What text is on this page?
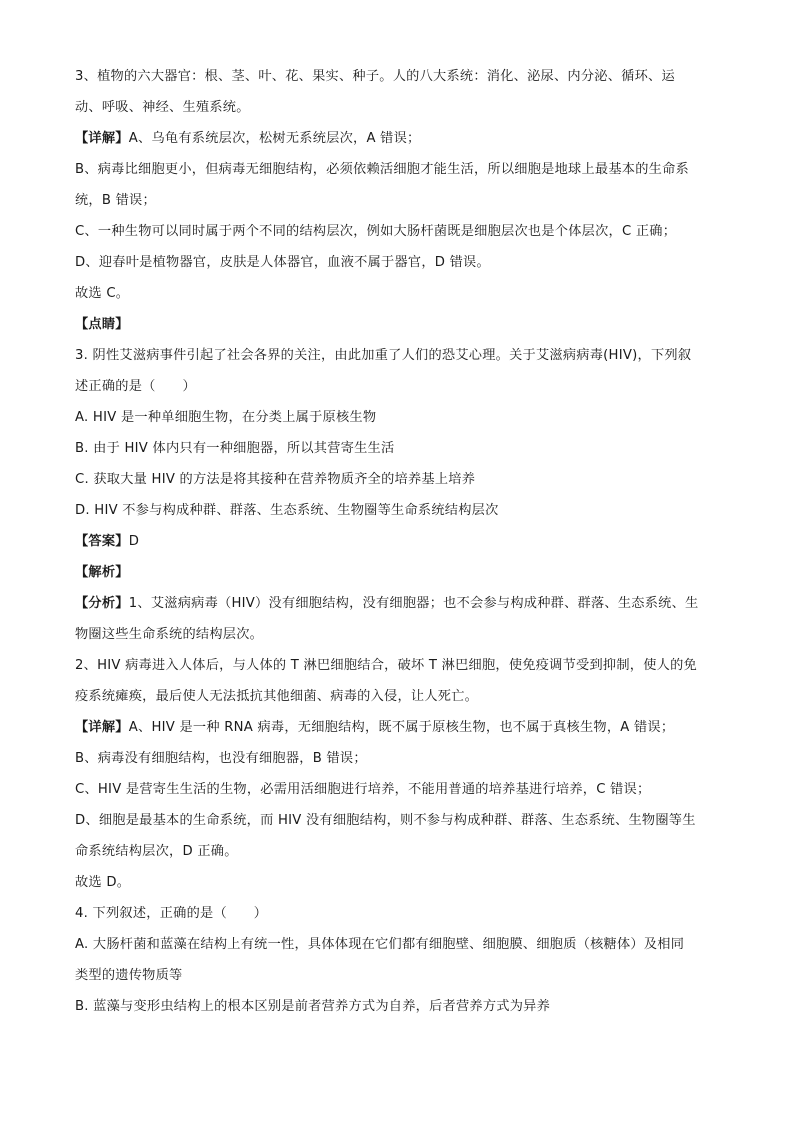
3、植物的六大器官：根、茎、叶、花、果实、种子。人的八大系统：消化、泌尿、内分泌、循环、运
动、呼吸、神经、生殖系统。
【详解】A、乌龟有系统层次，松树无系统层次，A 错误；
B、病毒比细胞更小，但病毒无细胞结构，必须依赖活细胞才能生活，所以细胞是地球上最基本的生命系
统，B 错误；
C、一种生物可以同时属于两个不同的结构层次，例如大肠杆菌既是细胞层次也是个体层次，C 正确；
D、迎春叶是植物器官，皮肤是人体器官，血液不属于器官，D 错误。
故选 C。
【点睛】
3. 阴性艾滋病事件引起了社会各界的关注，由此加重了人们的恐艾心理。关于艾滋病病毒(HIV)，下列叙
述正确的是（　　）
A. HIV 是一种单细胞生物，在分类上属于原核生物
B. 由于 HIV 体内只有一种细胞器，所以其营寄生生活
C. 获取大量 HIV 的方法是将其接种在营养物质齐全的培养基上培养
D. HIV 不参与构成种群、群落、生态系统、生物圈等生命系统结构层次
【答案】D
【解析】
【分析】1、艾滋病病毒（HIV）没有细胞结构，没有细胞器；也不会参与构成种群、群落、生态系统、生
物圈这些生命系统的结构层次。
2、HIV 病毒进入人体后，与人体的 T 淋巴细胞结合，破坏 T 淋巴细胞，使免疫调节受到抑制，使人的免
疫系统瘫痪，最后使人无法抵抗其他细菌、病毒的入侵，让人死亡。
【详解】A、HIV 是一种 RNA 病毒，无细胞结构，既不属于原核生物，也不属于真核生物，A 错误；
B、病毒没有细胞结构，也没有细胞器，B 错误；
C、HIV 是营寄生生活的生物，必需用活细胞进行培养，不能用普通的培养基进行培养，C 错误；
D、细胞是最基本的生命系统，而 HIV 没有细胞结构，则不参与构成种群、群落、生态系统、生物圈等生
命系统结构层次，D 正确。
故选 D。
4. 下列叙述，正确的是（　　）
A. 大肠杆菌和蓝藻在结构上有统一性，具体体现在它们都有细胞壁、细胞膜、细胞质（核糖体）及相同
类型的遗传物质等
B. 蓝藻与变形虫结构上的根本区别是前者营养方式为自养，后者营养方式为异养
